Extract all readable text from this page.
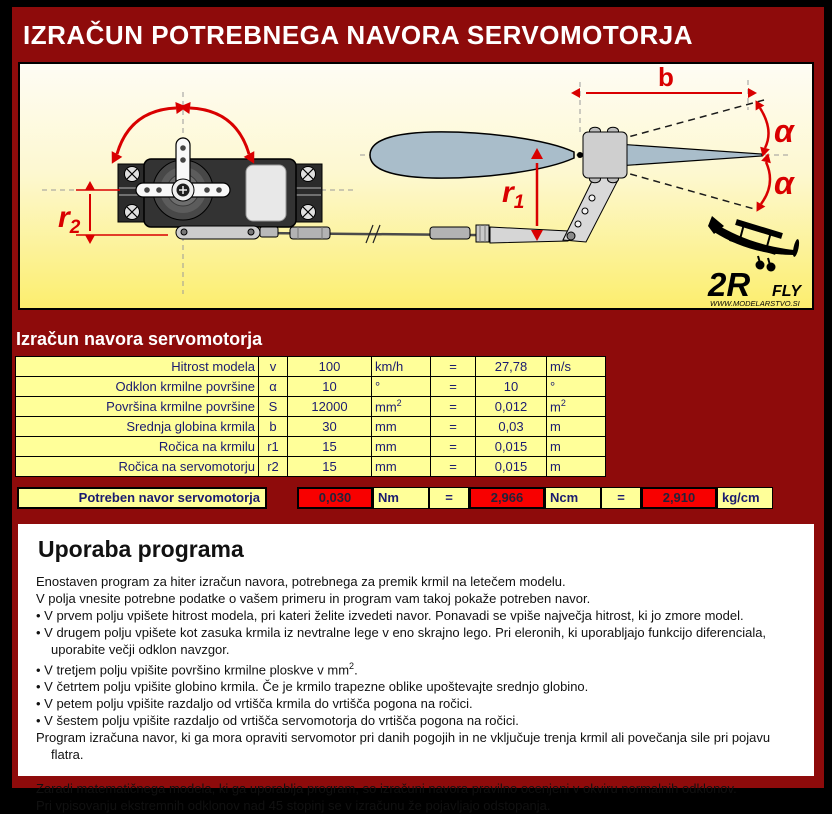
IZRAČUN POTREBNEGA NAVORA SERVOMOTORJA
$r_2$
b
α
α
$r_1$
2R FLY
WWW.MODELARSTVO.SI
Izračun navora servomotorja
Hitrost modela	v	100	km/h	=	27,78	m/s
Odklon krmilne površine	α	10	°	=	10	°
Površina krmilne površine	S	12000	$mm^2$	=	0,012	$m^2$
Srednja globina krmila	b	30	mm	=	0,03	m
Ročica na krmilu	r1	15	mm	=	0,015	m
Ročica na servomotorju	r2	15	mm	=	0,015	m
Potreben navor servomotorja	0,030	Nm	=	2,966	Ncm	=	2,910	kg/cm
Uporaba programa
Enostaven program za hiter izračun navora, potrebnega za premik krmil na letečem modelu.
V polja vnesite potrebne podatke o vašem primeru in program vam takoj pokaže potreben navor.
• V prvem polju vpišete hitrost modela, pri kateri želite izvedeti navor. Ponavadi se vpiše največja hitrost, ki jo zmore model.
• V drugem polju vpišete kot zasuka krmila iz nevtralne lege v eno skrajno lego. Pri eleronih, ki uporabljajo funkcijo diferenciala, uporabite večji odklon navzgor.
• V tretjem polju vpišite površino krmilne ploskve v $mm^2$.
• V četrtem polju vpišite globino krmila. Če je krmilo trapezne oblike upoštevajte srednjo globino.
• V petem polju vpišite razdaljo od vrtišča krmila do vrtišča pogona na ročici.
• V šestem polju vpišite razdaljo od vrtišča servomotorja do vrtišča pogona na ročici.
Program izračuna navor, ki ga mora opraviti servomotor pri danih pogojih in ne vključuje trenja krmil ali povečanja sile pri pojavu flatra.

Zaradi matematičnega modela, ki ga uporablja program, so izračuni navora pravilno ocenjeni v okviru normalnih odklonov.
Pri vpisovanju ekstremnih odklonov nad 45 stopinj se v izračunu že pojavljajo odstopanja.
